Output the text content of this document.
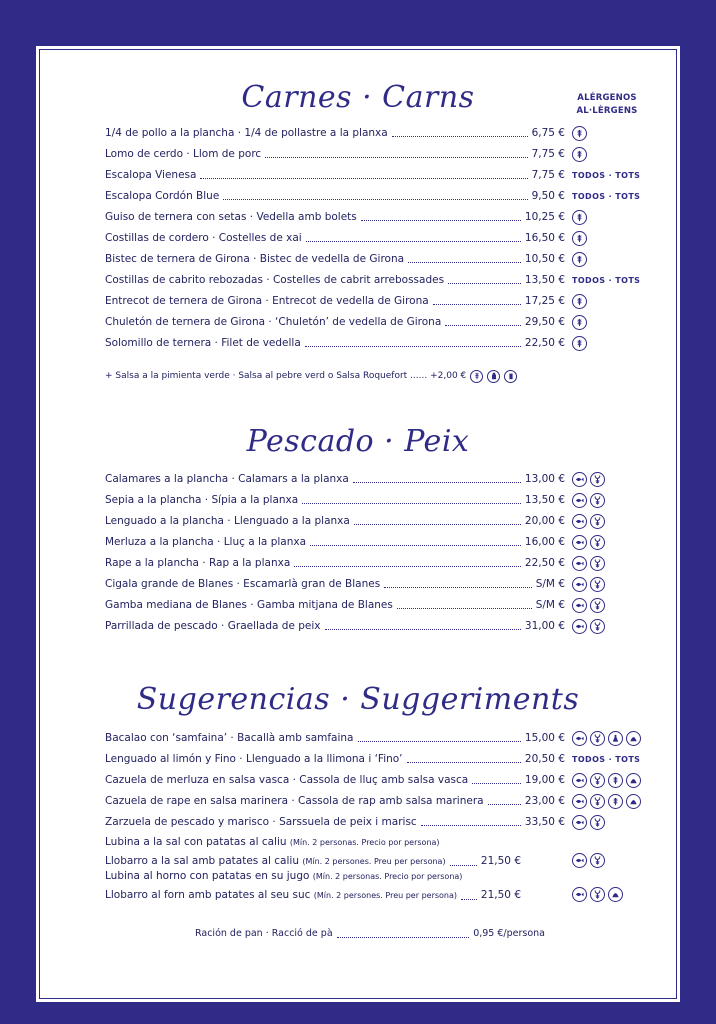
ALÉRGENOS
AL·LÈRGENS
Carnes · Carns
Pescado · Peix
Sugerencias · Suggeriments
1/4 de pollo a la plancha · 1/4 de pollastre a la planxa	6,75 €
Lomo de cerdo · Llom de porc	7,75 €
Escalopa Vienesa	7,75 € TODOS · TOTS
Escalopa Cordón Blue	9,50 € TODOS · TOTS
Guiso de ternera con setas · Vedella amb bolets	10,25 €
Costillas de cordero · Costelles de xai	16,50 €
Bistec de ternera de Girona · Bistec de vedella de Girona	10,50 €
Costillas de cabrito rebozadas · Costelles de cabrit arrebossades	13,50 € TODOS · TOTS
Entrecot de ternera de Girona · Entrecot de vedella de Girona	17,25 €
Chuletón de ternera de Girona · ‘Chuletón’ de vedella de Girona	29,50 €
Solomillo de ternera · Filet de vedella	22,50 €
Calamares a la plancha · Calamars a la planxa	13,00 €
Sepia a la plancha · Sípia a la planxa	13,50 €
Lenguado a la plancha · Llenguado a la planxa	20,00 €
Merluza a la plancha · Lluç a la planxa	16,00 €
Rape a la plancha · Rap a la planxa	22,50 €
Cigala grande de Blanes · Escamarlà gran de Blanes	S/M €
Gamba mediana de Blanes · Gamba mitjana de Blanes	S/M €
Parrillada de pescado · Graellada de peix	31,00 €
Bacalao con ‘samfaina’ · Bacallà amb samfaina	15,00 €
Lenguado al limón y Fino · Llenguado a la llimona i ‘Fino’	20,50 € TODOS · TOTS
Cazuela de merluza en salsa vasca · Cassola de lluç amb salsa vasca	19,00 €
Cazuela de rape en salsa marinera · Cassola de rap amb salsa marinera	23,00 €
Zarzuela de pescado y marisco · Sarssuela de peix i marisc	33,50 €
+ Salsa a la pimienta verde · Salsa al pebre verd o Salsa Roquefort ...... +2,00 €
Lubina a la sal con patatas al caliu (Mín. 2 personas. Precio por persona)
Llobarro a la sal amb patates al caliu (Mín. 2 persones. Preu per persona)	21,50 €
Lubina al horno con patatas en su jugo (Mín. 2 personas. Precio por persona)
Llobarro al forn amb patates al seu suc (Mín. 2 persones. Preu per persona) 21,50 €
Ración de pan · Racció de pà	0,95 €/persona
